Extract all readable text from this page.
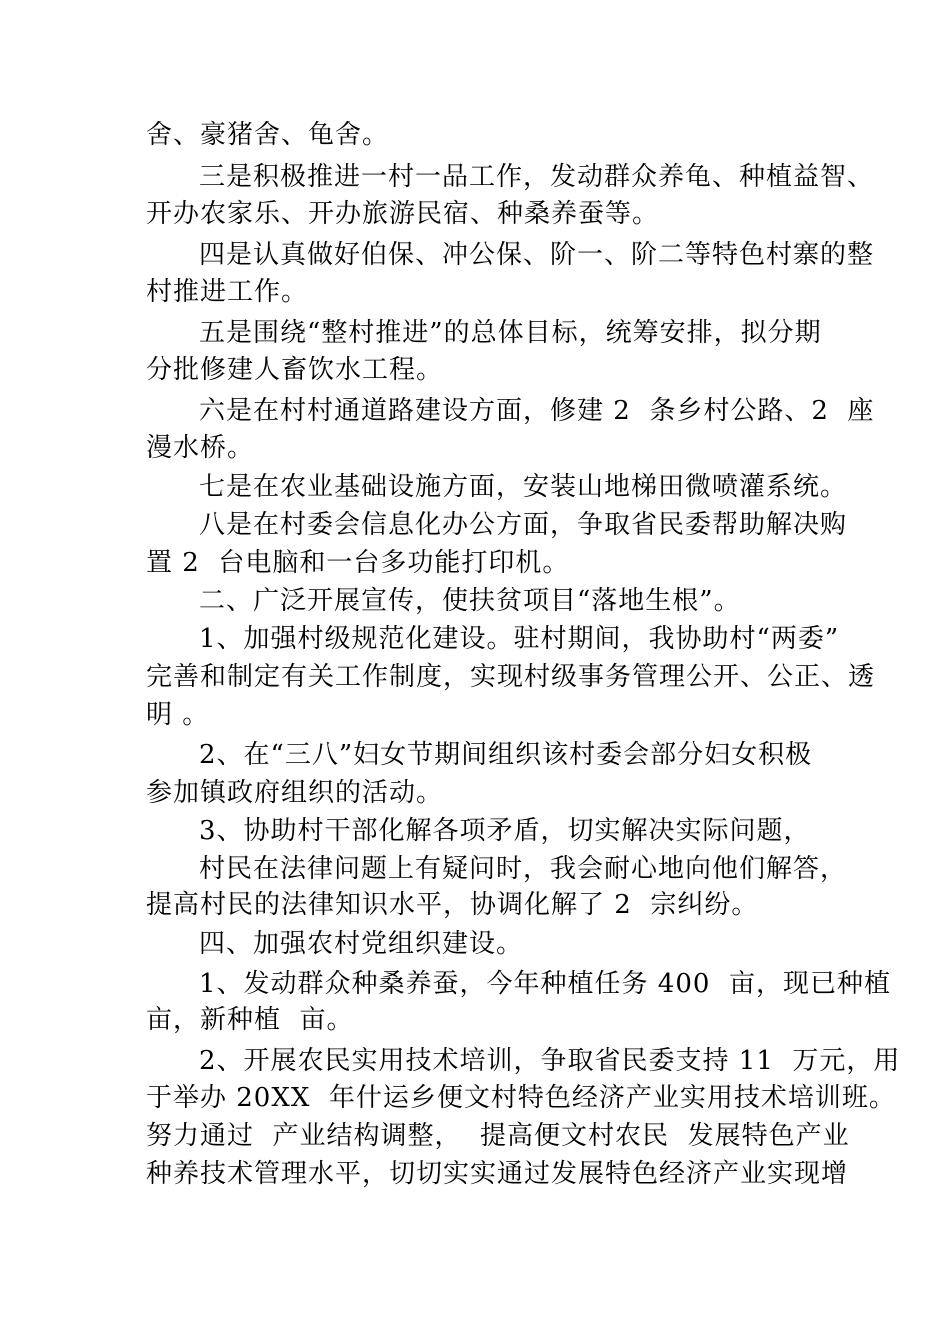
舍、豪猪舍、龟舍。
三是积极推进一村一品工作，发动群众养龟、种植益智、
开办农家乐、开办旅游民宿、种桑养蚕等。
四是认真做好伯保、冲公保、阶一、阶二等特色村寨的整
村推进工作。
五是围绕“整村推进”的总体目标，统筹安排，拟分期
分批修建人畜饮水工程。
六是在村村通道路建设方面，修建 2  条乡村公路、2  座
漫水桥。
七是在农业基础设施方面，安装山地梯田微喷灌系统。
八是在村委会信息化办公方面，争取省民委帮助解决购
置 2  台电脑和一台多功能打印机。
二、广泛开展宣传，使扶贫项目“落地生根”。
1、加强村级规范化建设。驻村期间，我协助村“两委”
完善和制定有关工作制度，实现村级事务管理公开、公正、透
明 。
2、在“三八”妇女节期间组织该村委会部分妇女积极
参加镇政府组织的活动。
3、协助村干部化解各项矛盾，切实解决实际问题，
村民在法律问题上有疑问时，我会耐心地向他们解答，
提高村民的法律知识水平，协调化解了 2  宗纠纷。
四、加强农村党组织建设。
1、发动群众种桑养蚕，今年种植任务 400  亩，现已种植
亩，新种植  亩。
2、开展农民实用技术培训，争取省民委支持 11  万元，用
于举办 20XX  年什运乡便文村特色经济产业实用技术培训班。
努力通过  产业结构调整，  提高便文村农民  发展特色产业
种养技术管理水平，切切实实通过发展特色经济产业实现增
